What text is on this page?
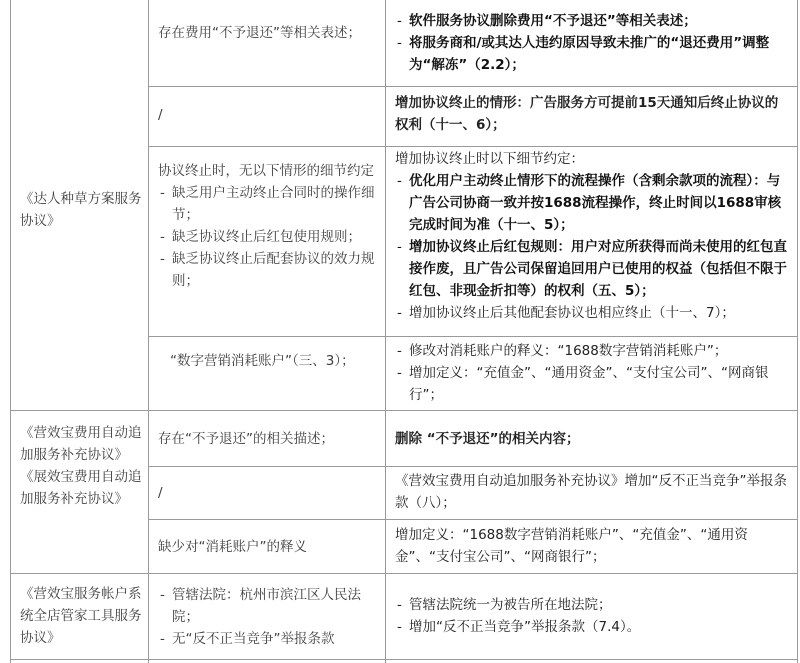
《达人种草方案服务协议》
《营效宝费用自动追加服务补充协议》
《展效宝费用自动追加服务补充协议》
《营效宝服务帐户系统全店管家工具服务协议》
存在费用“不予退还”等相关表述；
- 软件服务协议删除费用“不予退还”等相关表述；
- 将服务商和/或其达人违约原因导致未推广的“退还费用”调整为“解冻”（2.2）；
/
增加协议终止的情形：广告服务方可提前15天通知后终止协议的权利（十一、6）；
协议终止时，无以下情形的细节约定
- 缺乏用户主动终止合同时的操作细节；
- 缺乏协议终止后红包使用规则；
- 缺乏协议终止后配套协议的效力规则；
增加协议终止时以下细节约定：
- 优化用户主动终止情形下的流程操作（含剩余款项的流程）：与广告公司协商一致并按1688流程操作，终止时间以1688审核完成时间为准（十一、5）；
- 增加协议终止后红包规则：用户对应所获得而尚未使用的红包直接作废，且广告公司保留追回用户已使用的权益（包括但不限于红包、非现金折扣等）的权利（五、5）；
- 增加协议终止后其他配套协议也相应终止（十一、7）；
“数字营销消耗账户”（三、3）；
- 修改对消耗账户的释义：“1688数字营销消耗账户”；
- 增加定义：“充值金”、“通用资金”、“支付宝公司”、“网商银行”；
存在“不予退还”的相关描述；	删除 “不予退还”的相关内容；
/
《营效宝费用自动追加服务补充协议》增加“反不正当竞争”举报条款（八）；
缺少对“消耗账户”的释义
增加定义：“1688数字营销消耗账户”、“充值金”、“通用资金”、“支付宝公司”、“网商银行”；
- 管辖法院：杭州市滨江区人民法院；
- 无“反不正当竞争”举报条款
- 管辖法院统一为被告所在地法院；
- 增加“反不正当竞争”举报条款（7.4）。
